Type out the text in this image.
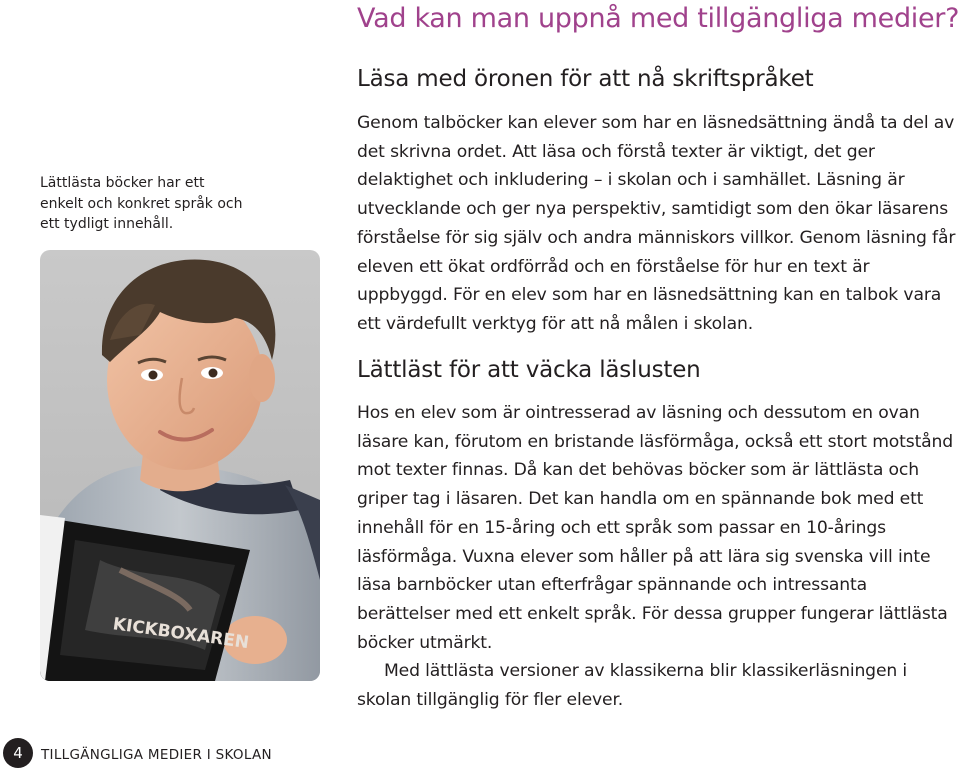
Vad kan man uppnå med tillgängliga medier?

Lättlästa böcker har ett enkelt och konkret språk och ett tydligt innehåll.

KICKBOXAREN
Läsa med öronen för att nå skriftspråket

Genom talböcker kan elever som har en läsnedsättning ändå ta del av det skrivna ordet. Att läsa och förstå texter är viktigt, det ger delaktighet och inkludering – i skolan och i samhället. Läsning är utvecklande och ger nya perspektiv, samtidigt som den ökar läsarens förståelse för sig själv och andra människors villkor. Genom läsning får eleven ett ökat ordförråd och en förståelse för hur en text är uppbyggd. För en elev som har en läsnedsättning kan en talbok vara ett värdefullt verktyg för att nå målen i skolan.

Lättläst för att väcka läslusten

Hos en elev som är ointresserad av läsning och dessutom en ovan läsare kan, förutom en bristande läsförmåga, också ett stort motstånd mot texter finnas. Då kan det behövas böcker som är lättlästa och griper tag i läsaren. Det kan handla om en spännande bok med ett innehåll för en 15-åring och ett språk som passar en 10-årings läsförmåga. Vuxna elever som håller på att lära sig svenska vill inte läsa barnböcker utan efterfrågar spännande och intressanta berättelser med ett enkelt språk. För dessa grupper fungerar lättlästa böcker utmärkt.

Med lättlästa versioner av klassikerna blir klassikerläsningen i skolan tillgänglig för fler elever.

4	TILLGÄNGLIGA MEDIER I SKOLAN
